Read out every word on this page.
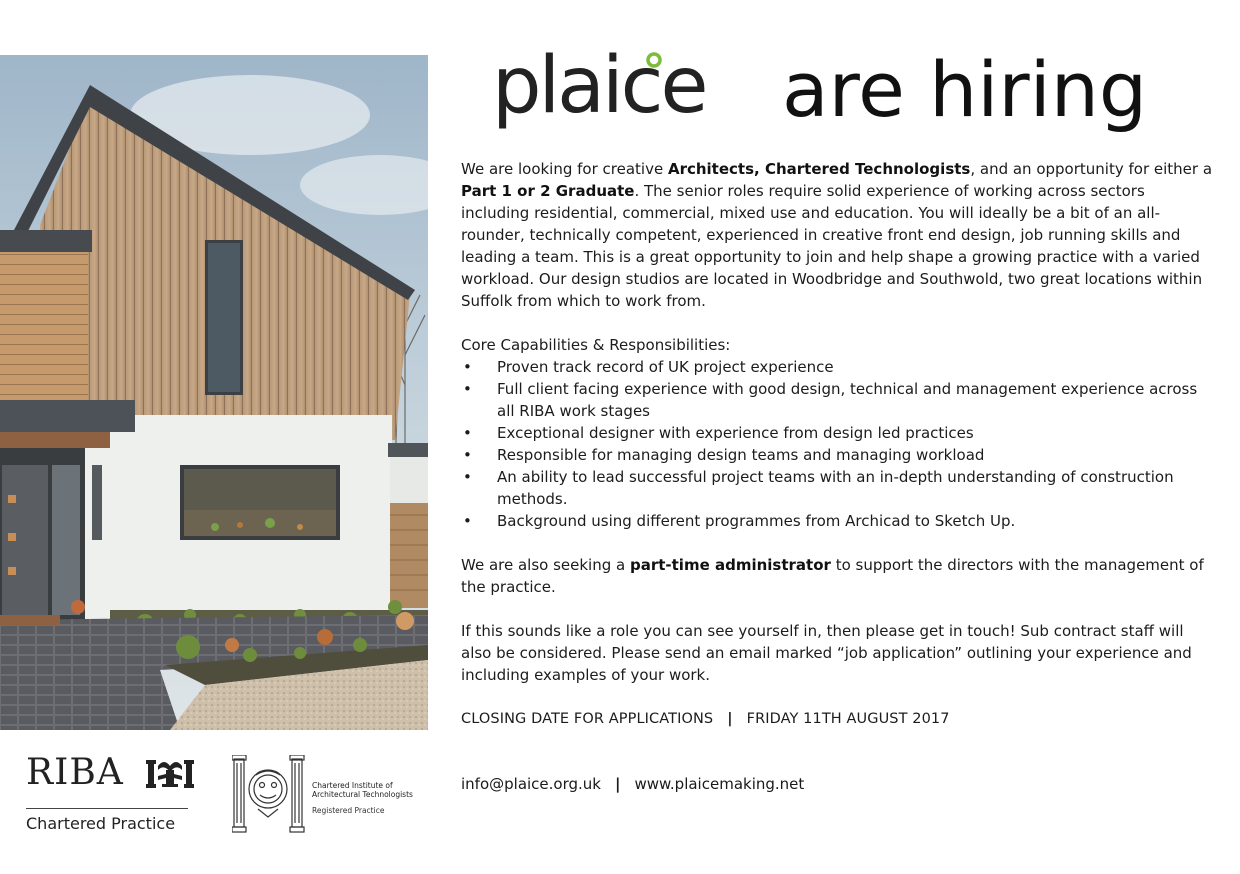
plaice are hiring

We are looking for creative Architects, Chartered Technologists, and an opportunity for either a Part 1 or 2 Graduate. The senior roles require solid experience of working across sectors including residential, commercial, mixed use and education. You will ideally be a bit of an all-rounder, technically competent, experienced in creative front end design, job running skills and leading a team. This is a great opportunity to join and help shape a growing practice with a varied workload. Our design studios are located in Woodbridge and Southwold, two great locations within Suffolk from which to work from.

Core Capabilities & Responsibilities:

• Proven track record of UK project experience
• Full client facing experience with good design, technical and management experience across all RIBA work stages
• Exceptional designer with experience from design led practices
• Responsible for managing design teams and managing workload
• An ability to lead successful project teams with an in-depth understanding of construction methods.
• Background using different programmes from Archicad to Sketch Up.

We are also seeking a part-time administrator to support the directors with the management of the practice.

If this sounds like a role you can see yourself in, then please get in touch! Sub contract staff will also be considered. Please send an email marked “job application” outlining your experience and including examples of your work.

CLOSING DATE FOR APPLICATIONS | FRIDAY 11TH AUGUST 2017

info@plaice.org.uk | www.plaicemaking.net
RIBA
Chartered Practice
Chartered Institute of
Architectural Technologists
Registered Practice
